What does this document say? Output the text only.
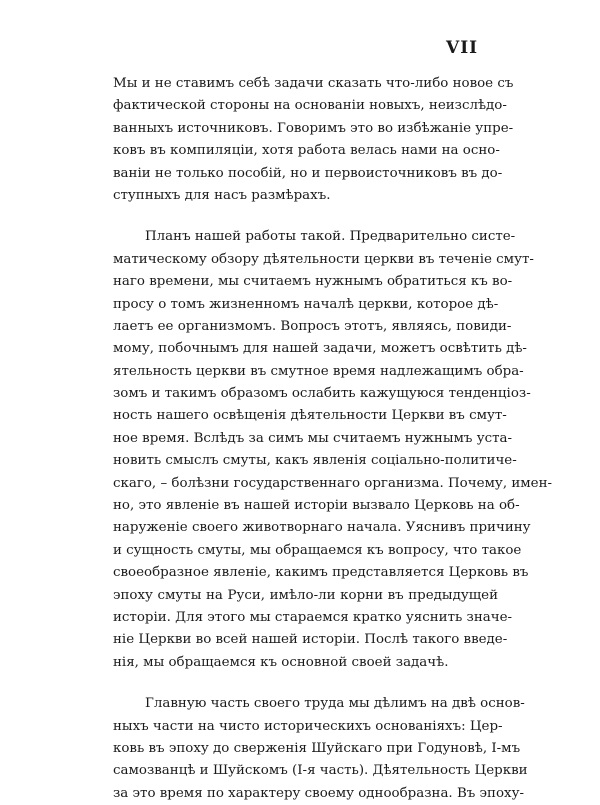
VII
Мы и не ставимъ себѣ задачи сказать что-либо новое съ
фактической стороны на основанiи новыхъ, неизслѣдо-
ванныхъ источниковъ. Говоримъ это во избѣжанiе упре-
ковъ въ компиляцiи, хотя работа велась нами на осно-
ванiи не только пособiй, но и первоисточниковъ въ до-
ступныхъ для насъ размѣрахъ.
Планъ нашей работы такой. Предварительно систе-
матическому обзору дѣятельности церкви въ теченiе смут-
наго времени, мы считаемъ нужнымъ обратиться къ во-
просу о томъ жизненномъ началѣ церкви, которое дѣ-
лаетъ ее организмомъ. Вопросъ этотъ, являясь, повиди-
мому, побочнымъ для нашей задачи, можетъ освѣтить дѣ-
ятельность церкви въ смутное время надлежащимъ обра-
зомъ и такимъ образомъ ослабить кажущуюся тенденцiоз-
ность нашего освѣщенiя дѣятельности Церкви въ смут-
ное время. Вслѣдъ за симъ мы считаемъ нужнымъ уста-
новить смыслъ смуты, какъ явленiя соцiально-политиче-
скаго, – болѣзни государственнаго организма. Почему, имен-
но, это явленiе въ нашей исторiи вызвало Церковь на об-
наруженiе своего животворнаго начала. Уяснивъ причину
и сущность смуты, мы обращаемся къ вопросу, что такое
своеобразное явленiе, какимъ представляется Церковь въ
эпоху смуты на Руси, имѣло-ли корни въ предыдущей
исторiи. Для этого мы стараемся кратко уяснить значе-
нiе Церкви во всей нашей исторiи. Послѣ такого введе-
нiя, мы обращаемся къ основной своей задачѣ.
Главную часть своего труда мы дѣлимъ на двѣ основ-
ныхъ части на чисто историческихъ основанiяхъ: Цер-
ковь въ эпоху до сверженiя Шуйскаго при Годуновѣ, I-мъ
самозванцѣ и Шуйскомъ (I-я часть). Дѣятельность Церкви
за это время по характеру своему однообразна. Въ эпоху-
